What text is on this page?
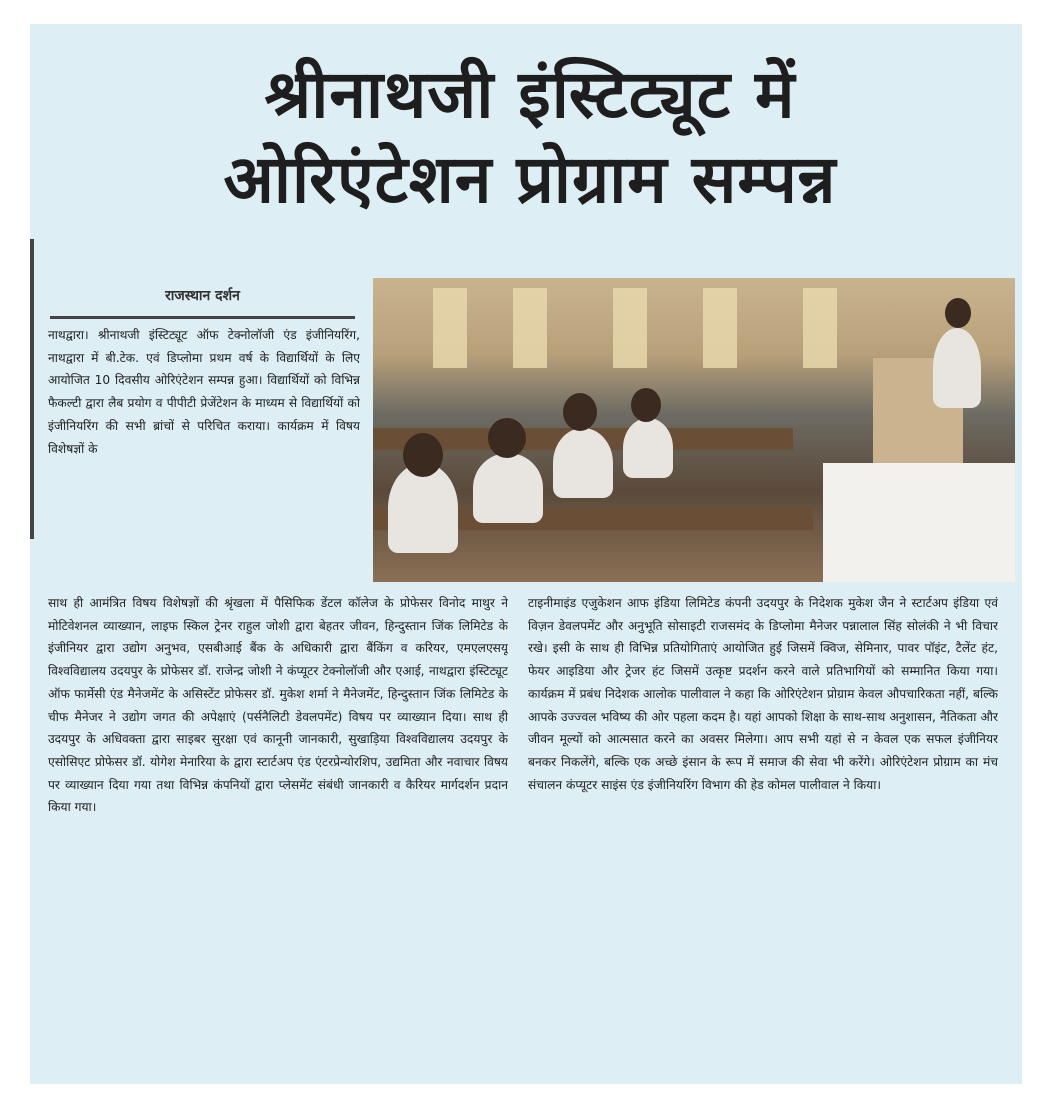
श्रीनाथजी इंस्टिट्यूट में
ओरिएंटेशन प्रोग्राम सम्पन्न
राजस्थान दर्शन

नाथद्वारा। श्रीनाथजी इंस्टिट्यूट ऑफ टेक्नोलॉजी एंड इंजीनियरिंग, नाथद्वारा में बी.टेक. एवं डिप्लोमा प्रथम वर्ष के विद्यार्थियों के लिए आयोजित 10 दिवसीय ओरिएंटेशन सम्पन्न हुआ। विद्यार्थियों को विभिन्न फैकल्टी द्वारा लैब प्रयोग व पीपीटी प्रेजेंटेशन के माध्यम से विद्यार्थियों को इंजीनियरिंग की सभी ब्रांचों से परिचित कराया। कार्यक्रम में विषय विशेषज्ञों के

साथ ही आमंत्रित विषय विशेषज्ञों की श्रृंखला में पैसिफिक डेंटल कॉलेज के प्रोफेसर विनोद माथुर ने मोटिवेशनल व्याख्यान, लाइफ स्किल ट्रेनर राहुल जोशी द्वारा बेहतर जीवन, हिन्दुस्तान जिंक लिमिटेड के इंजीनियर द्वारा उद्योग अनुभव, एसबीआई बैंक के अधिकारी द्वारा बैंकिंग व करियर, एमएलएसयू विश्वविद्यालय उदयपुर के प्रोफेसर डॉ. राजेन्द्र जोशी ने कंप्यूटर टेक्नोलॉजी और एआई, नाथद्वारा इंस्टिट्यूट ऑफ फार्मेसी एंड मैनेजमेंट के असिस्टेंट प्रोफेसर डॉ. मुकेश शर्मा ने मैनेजमेंट, हिन्दुस्तान जिंक लिमिटेड के चीफ मैनेजर ने उद्योग जगत की अपेक्षाएं (पर्सनैलिटी डेवलपमेंट) विषय पर व्याख्यान दिया। साथ ही उदयपुर के अधिवक्ता द्वारा साइबर सुरक्षा एवं कानूनी जानकारी, सुखाड़िया विश्वविद्यालय उदयपुर के एसोसिएट प्रोफेसर डॉ. योगेश मेनारिया के द्वारा स्टार्टअप एंड एंटरप्रेन्योरशिप, उद्यमिता और नवाचार विषय पर व्याख्यान दिया गया तथा विभिन्न कंपनियों द्वारा प्लेसमेंट संबंधी जानकारी व कैरियर मार्गदर्शन प्रदान किया गया।

टाइनीमाइंड एजुकेशन आफ इंडिया लिमिटेड कंपनी उदयपुर के निदेशक मुकेश जैन ने स्टार्टअप इंडिया एवं विज़न डेवलपमेंट और अनुभूति सोसाइटी राजसमंद के डिप्लोमा मैनेजर पन्नालाल सिंह सोलंकी ने भी विचार रखे। इसी के साथ ही विभिन्न प्रतियोगिताएं आयोजित हुई जिसमें क्विज, सेमिनार, पावर पॉइंट, टैलेंट हंट, फेयर आइडिया और ट्रेजर हंट जिसमें उत्कृष्ट प्रदर्शन करने वाले प्रतिभागियों को सम्मानित किया गया। कार्यक्रम में प्रबंध निदेशक आलोक पालीवाल ने कहा कि ओरिएंटेशन प्रोग्राम केवल औपचारिकता नहीं, बल्कि आपके उज्ज्वल भविष्य की ओर पहला कदम है। यहां आपको शिक्षा के साथ-साथ अनुशासन, नैतिकता और जीवन मूल्यों को आत्मसात करने का अवसर मिलेगा। आप सभी यहां से न केवल एक सफल इंजीनियर बनकर निकलेंगे, बल्कि एक अच्छे इंसान के रूप में समाज की सेवा भी करेंगे। ओरिएंटेशन प्रोग्राम का मंच संचालन कंप्यूटर साइंस एंड इंजीनियरिंग विभाग की हेड कोमल पालीवाल ने किया।
